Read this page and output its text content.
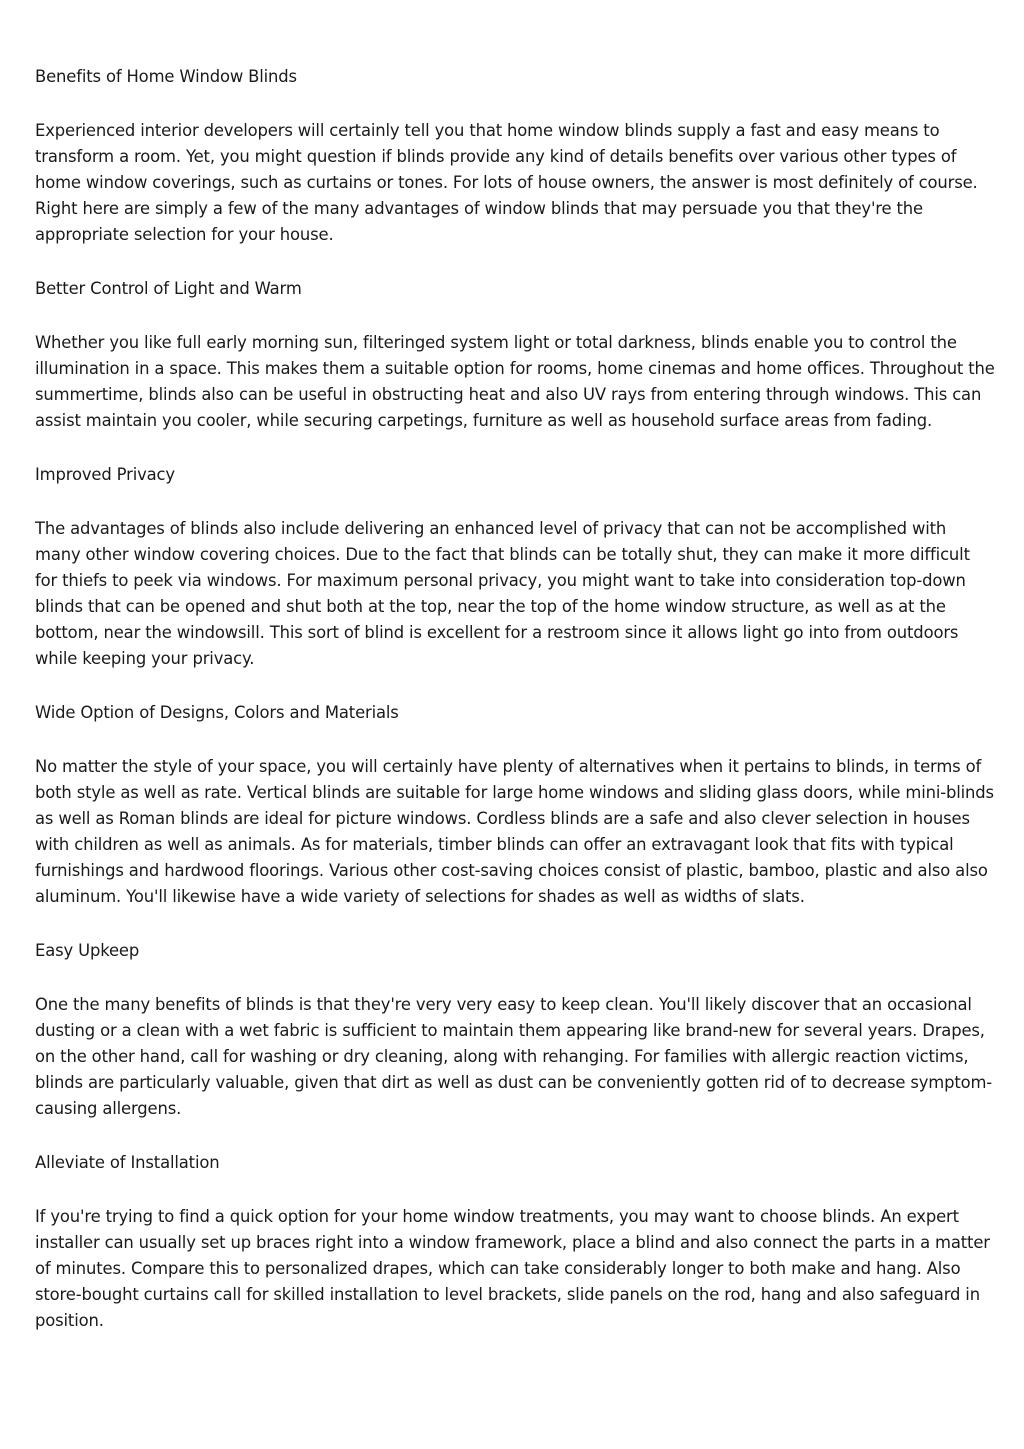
Benefits of Home Window Blinds

Experienced interior developers will certainly tell you that home window blinds supply a fast and easy means to transform a room. Yet, you might question if blinds provide any kind of details benefits over various other types of home window coverings, such as curtains or tones. For lots of house owners, the answer is most definitely of course. Right here are simply a few of the many advantages of window blinds that may persuade you that they're the appropriate selection for your house.

Better Control of Light and Warm

Whether you like full early morning sun, filteringed system light or total darkness, blinds enable you to control the illumination in a space. This makes them a suitable option for rooms, home cinemas and home offices. Throughout the summertime, blinds also can be useful in obstructing heat and also UV rays from entering through windows. This can assist maintain you cooler, while securing carpetings, furniture as well as household surface areas from fading.

Improved Privacy

The advantages of blinds also include delivering an enhanced level of privacy that can not be accomplished with many other window covering choices. Due to the fact that blinds can be totally shut, they can make it more difficult for thiefs to peek via windows. For maximum personal privacy, you might want to take into consideration top-down blinds that can be opened and shut both at the top, near the top of the home window structure, as well as at the bottom, near the windowsill. This sort of blind is excellent for a restroom since it allows light go into from outdoors while keeping your privacy.

Wide Option of Designs, Colors and Materials

No matter the style of your space, you will certainly have plenty of alternatives when it pertains to blinds, in terms of both style as well as rate. Vertical blinds are suitable for large home windows and sliding glass doors, while mini-blinds as well as Roman blinds are ideal for picture windows. Cordless blinds are a safe and also clever selection in houses with children as well as animals. As for materials, timber blinds can offer an extravagant look that fits with typical furnishings and hardwood floorings. Various other cost-saving choices consist of plastic, bamboo, plastic and also also aluminum. You'll likewise have a wide variety of selections for shades as well as widths of slats.

Easy Upkeep

One the many benefits of blinds is that they're very very easy to keep clean. You'll likely discover that an occasional dusting or a clean with a wet fabric is sufficient to maintain them appearing like brand-new for several years. Drapes, on the other hand, call for washing or dry cleaning, along with rehanging. For families with allergic reaction victims, blinds are particularly valuable, given that dirt as well as dust can be conveniently gotten rid of to decrease symptom-causing allergens.

Alleviate of Installation

If you're trying to find a quick option for your home window treatments, you may want to choose blinds. An expert installer can usually set up braces right into a window framework, place a blind and also connect the parts in a matter of minutes. Compare this to personalized drapes, which can take considerably longer to both make and hang. Also store-bought curtains call for skilled installation to level brackets, slide panels on the rod, hang and also safeguard in position.
